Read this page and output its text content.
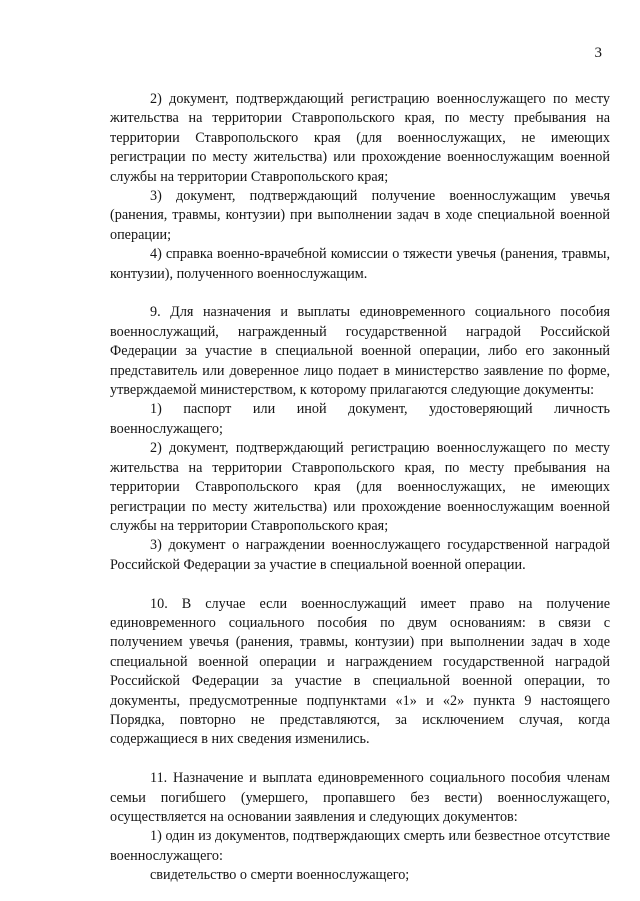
3

2) документ, подтверждающий регистрацию военнослужащего по месту жительства на территории Ставропольского края, по месту пребывания на территории Ставропольского края (для военнослужащих, не имеющих регистрации по месту жительства) или прохождение военнослужащим военной службы на территории Ставропольского края;

3) документ, подтверждающий получение военнослужащим увечья (ранения, травмы, контузии) при выполнении задач в ходе специальной военной операции;

4) справка военно-врачебной комиссии о тяжести увечья (ранения, травмы, контузии), полученного военнослужащим.

9. Для назначения и выплаты единовременного социального пособия военнослужащий, награжденный государственной наградой Российской Федерации за участие в специальной военной операции, либо его законный представитель или доверенное лицо подает в министерство заявление по форме, утверждаемой министерством, к которому прилагаются следующие документы:

1) паспорт или иной документ, удостоверяющий личность военнослужащего;

2) документ, подтверждающий регистрацию военнослужащего по месту жительства на территории Ставропольского края, по месту пребывания на территории Ставропольского края (для военнослужащих, не имеющих регистрации по месту жительства) или прохождение военнослужащим военной службы на территории Ставропольского края;

3) документ о награждении военнослужащего государственной наградой Российской Федерации за участие в специальной военной операции.

10. В случае если военнослужащий имеет право на получение единовременного социального пособия по двум основаниям: в связи с получением увечья (ранения, травмы, контузии) при выполнении задач в ходе специальной военной операции и награждением государственной наградой Российской Федерации за участие в специальной военной операции, то документы, предусмотренные подпунктами «1» и «2» пункта 9 настоящего Порядка, повторно не представляются, за исключением случая, когда содержащиеся в них сведения изменились.

11. Назначение и выплата единовременного социального пособия членам семьи погибшего (умершего, пропавшего без вести) военнослужащего, осуществляется на основании заявления и следующих документов:

1) один из документов, подтверждающих смерть или безвестное отсутствие военнослужащего:

свидетельство о смерти военнослужащего;
